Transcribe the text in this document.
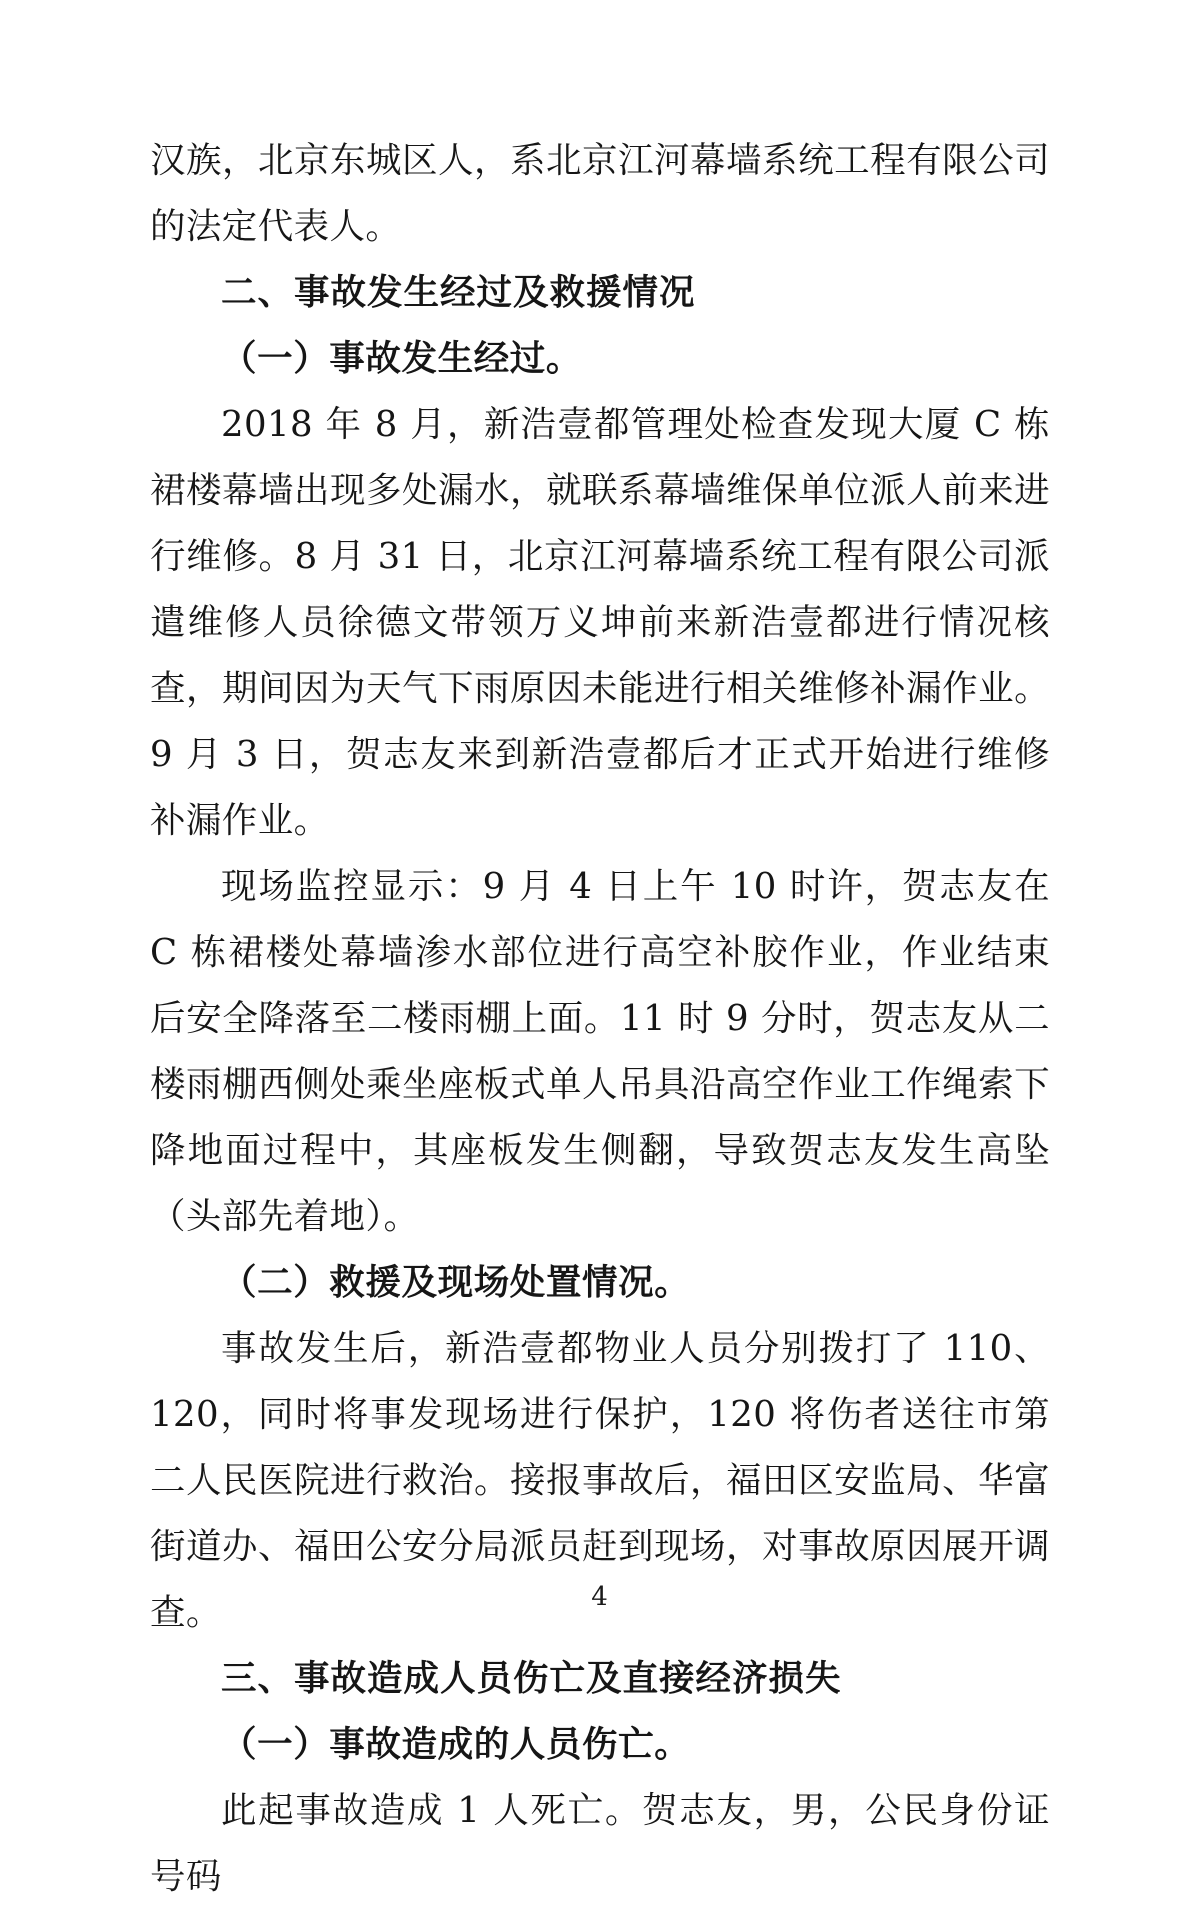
汉族，北京东城区人，系北京江河幕墙系统工程有限公司的法定代表人。

二、事故发生经过及救援情况

（一）事故发生经过。

2018 年 8 月，新浩壹都管理处检查发现大厦 C 栋裙楼幕墙出现多处漏水，就联系幕墙维保单位派人前来进行维修。8 月 31 日，北京江河幕墙系统工程有限公司派遣维修人员徐德文带领万义坤前来新浩壹都进行情况核查，期间因为天气下雨原因未能进行相关维修补漏作业。9 月 3 日，贺志友来到新浩壹都后才正式开始进行维修补漏作业。

现场监控显示：9 月 4 日上午 10 时许，贺志友在 C 栋裙楼处幕墙渗水部位进行高空补胶作业，作业结束后安全降落至二楼雨棚上面。11 时 9 分时，贺志友从二楼雨棚西侧处乘坐座板式单人吊具沿高空作业工作绳索下降地面过程中，其座板发生侧翻，导致贺志友发生高坠（头部先着地）。

（二）救援及现场处置情况。

事故发生后，新浩壹都物业人员分别拨打了 110、120，同时将事发现场进行保护，120 将伤者送往市第二人民医院进行救治。接报事故后，福田区安监局、华富街道办、福田公安分局派员赶到现场，对事故原因展开调查。

三、事故造成人员伤亡及直接经济损失

（一）事故造成的人员伤亡。

此起事故造成 1 人死亡。贺志友，男，公民身份证号码

4
